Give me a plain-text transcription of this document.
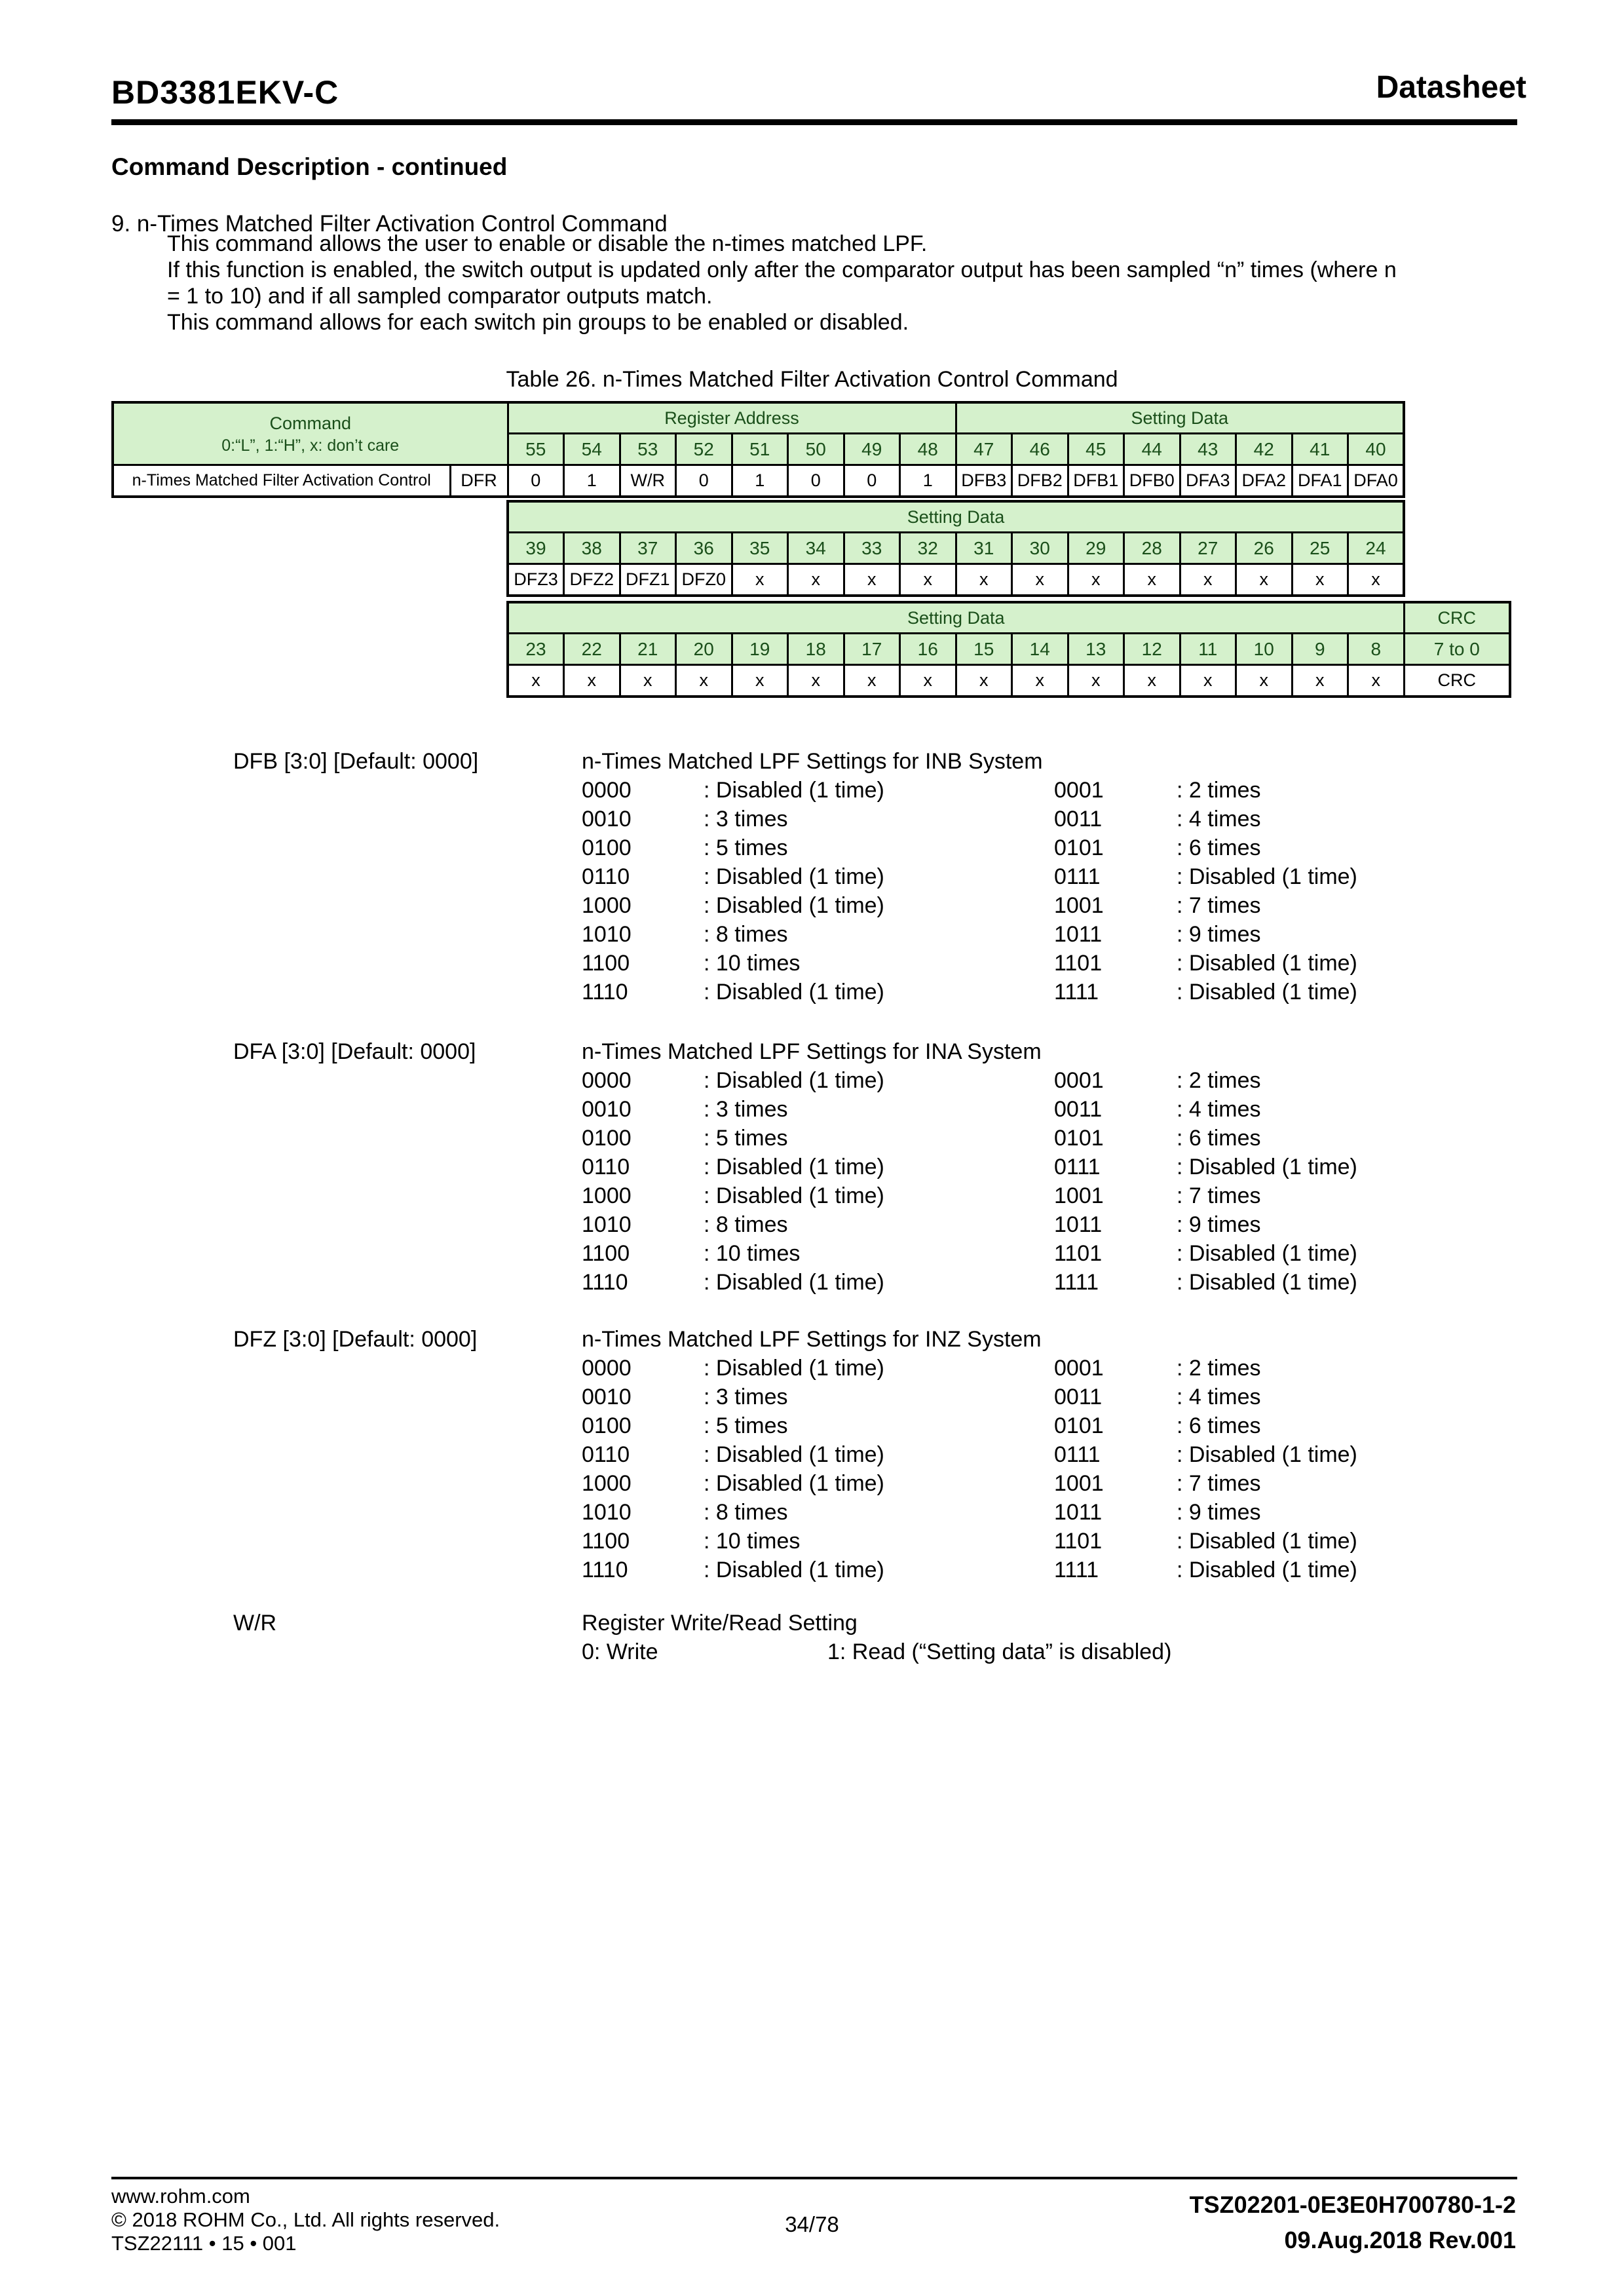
BD3381EKV-C	Datasheet
Command Description - continued
9. n-Times Matched Filter Activation Control Command
This command allows the user to enable or disable the n-times matched LPF.
If this function is enabled, the switch output is updated only after the comparator output has been sampled “n” times (where n
= 1 to 10) and if all sampled comparator outputs match.
This command allows for each switch pin groups to be enabled or disabled.
Table 26. n-Times Matched Filter Activation Control Command
Command
0:“L”, 1:“H”, x: don’t care		Register Address								Setting Data							
		55	54	53	52	51	50	49	48	47	46	45	44	43	42	41	40
n-Times Matched Filter Activation Control	DFR	0	1	W/R	0	1	0	0	1	DFB3	DFB2	DFB1	DFB0	DFA3	DFA2	DFA1	DFA0
Setting Data															
39	38	37	36	35	34	33	32	31	30	29	28	27	26	25	24
DFZ3	DFZ2	DFZ1	DFZ0	x	x	x	x	x	x	x	x	x	x	x	x
Setting Data																CRC
23	22	21	20	19	18	17	16	15	14	13	12	11	10	9	8	7 to 0
x	x	x	x	x	x	x	x	x	x	x	x	x	x	x	x	CRC
DFB [3:0] [Default: 0000]	n-Times Matched LPF Settings for INB System
0000	: Disabled (1 time)	0001	: 2 times
0010	: 3 times	0011	: 4 times
0100	: 5 times	0101	: 6 times
0110	: Disabled (1 time)	0111	: Disabled (1 time)
1000	: Disabled (1 time)	1001	: 7 times
1010	: 8 times	1011	: 9 times
1100	: 10 times	1101	: Disabled (1 time)
1110	: Disabled (1 time)	1111	: Disabled (1 time)
DFA [3:0] [Default: 0000]	n-Times Matched LPF Settings for INA System
0000	: Disabled (1 time)	0001	: 2 times
0010	: 3 times	0011	: 4 times
0100	: 5 times	0101	: 6 times
0110	: Disabled (1 time)	0111	: Disabled (1 time)
1000	: Disabled (1 time)	1001	: 7 times
1010	: 8 times	1011	: 9 times
1100	: 10 times	1101	: Disabled (1 time)
1110	: Disabled (1 time)	1111	: Disabled (1 time)
DFZ [3:0] [Default: 0000]	n-Times Matched LPF Settings for INZ System
0000	: Disabled (1 time)	0001	: 2 times
0010	: 3 times	0011	: 4 times
0100	: 5 times	0101	: 6 times
0110	: Disabled (1 time)	0111	: Disabled (1 time)
1000	: Disabled (1 time)	1001	: 7 times
1010	: 8 times	1011	: 9 times
1100	: 10 times	1101	: Disabled (1 time)
1110	: Disabled (1 time)	1111	: Disabled (1 time)
W/R	Register Write/Read Setting
0: Write	1: Read (“Setting data” is disabled)
www.rohm.com
© 2018 ROHM Co., Ltd. All rights reserved.
TSZ22111 • 15 • 001
34/78
TSZ02201-0E3E0H700780-1-2
09.Aug.2018 Rev.001
